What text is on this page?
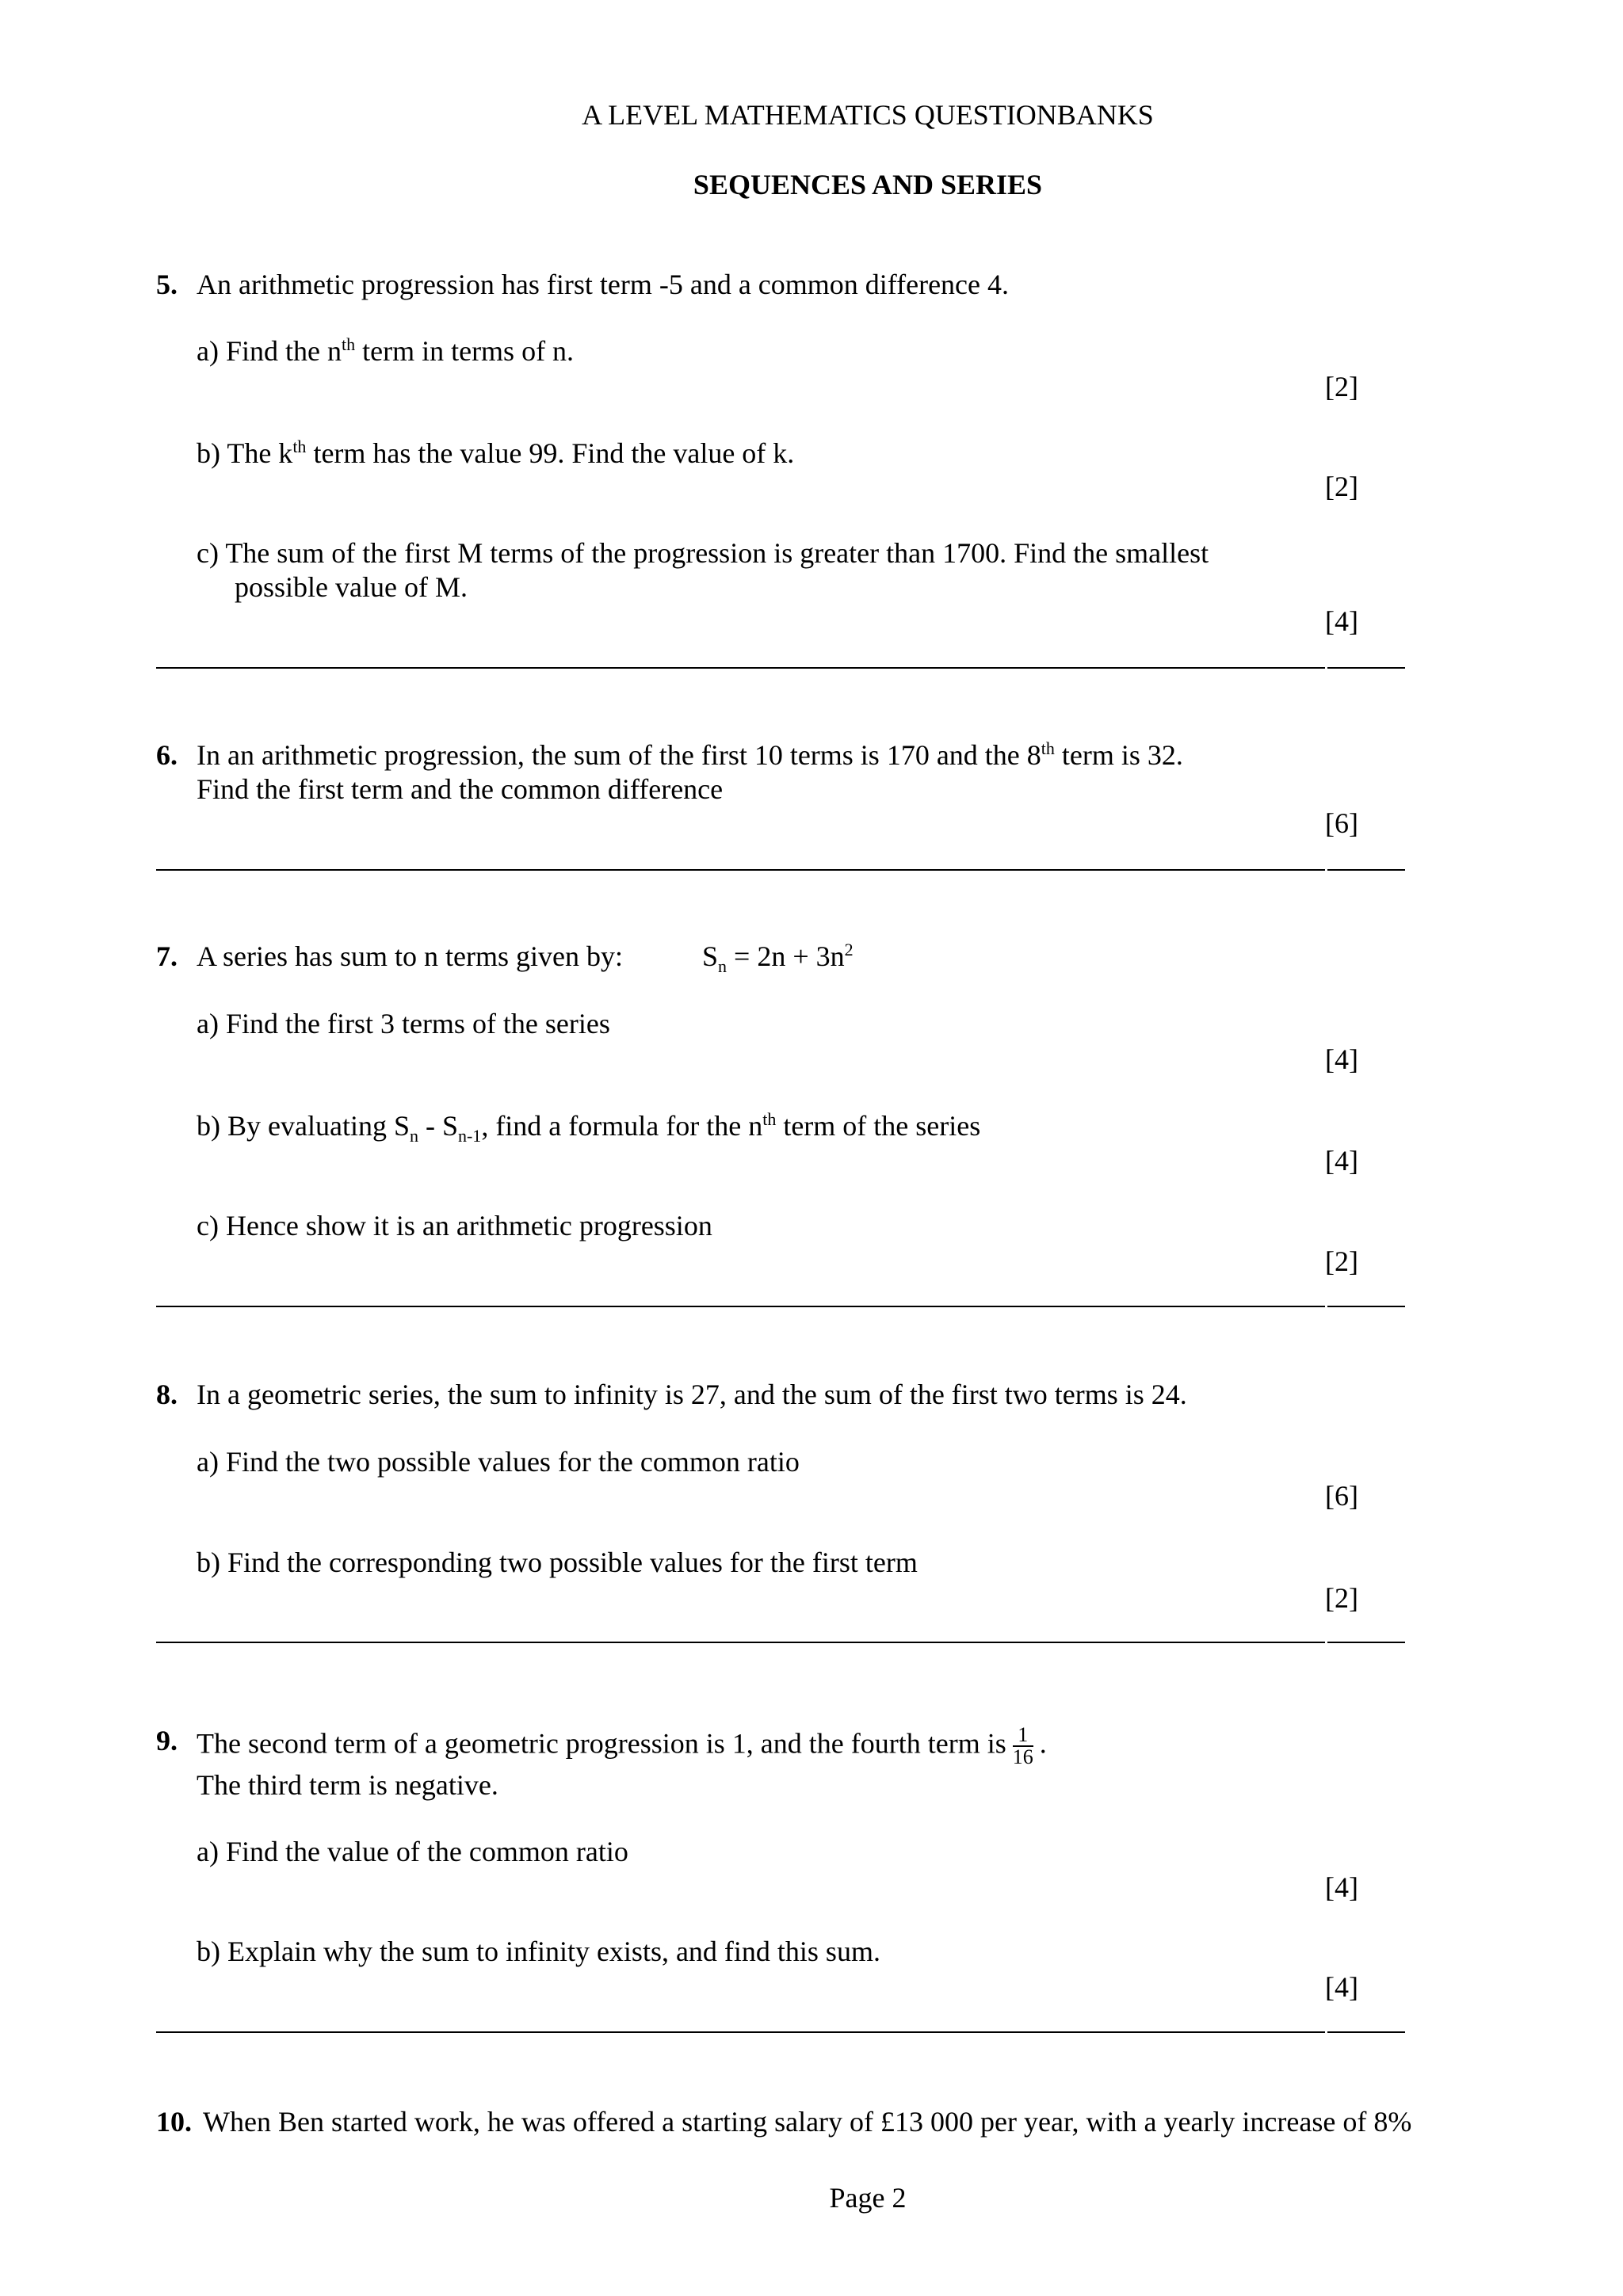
A LEVEL MATHEMATICS QUESTIONBANKS
SEQUENCES AND SERIES
5. An arithmetic progression has first term -5 and a common difference 4.
a) Find the $n^{th}$ term in terms of n.
[2]
b) The $k^{th}$ term has the value 99. Find the value of k.
[2]
c) The sum of the first M terms of the progression is greater than 1700. Find the smallest
possible value of M.
[4]
6. In an arithmetic progression, the sum of the first 10 terms is 170 and the 8th term is 32.
Find the first term and the common difference
[6]
7. A series has sum to n terms given by:	$S_n = 2n + 3n^2$
a) Find the first 3 terms of the series
[4]
b) By evaluating $S_n - S_{n-1}$, find a formula for the $n^{th}$ term of the series
[4]
c) Hence show it is an arithmetic progression
[2]
8. In a geometric series, the sum to infinity is 27, and the sum of the first two terms is 24.
a) Find the two possible values for the common ratio
[6]
b) Find the corresponding two possible values for the first term
[2]
9. The second term of a geometric progression is 1, and the fourth term is $\frac{1}{16}$ .
The third term is negative.
a) Find the value of the common ratio
[4]
b) Explain why the sum to infinity exists, and find this sum.
[4]
10. When Ben started work, he was offered a starting salary of £13 000 per year, with a yearly increase of 8%
Page 2
